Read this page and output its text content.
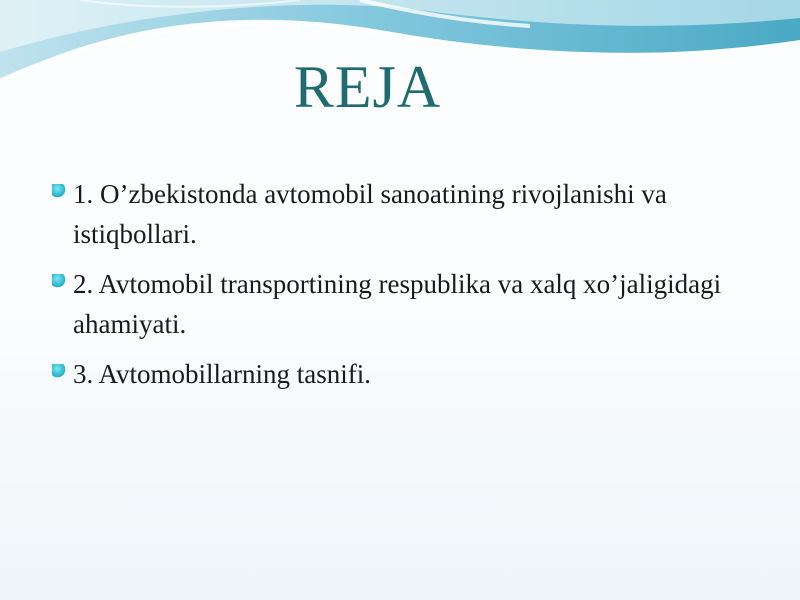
REJA
1. O’zbekistonda avtomobil sanoatining rivojlanishi va istiqbollari.
2. Avtomobil transportining respublika va xalq xo’jaligidagi ahamiyati.
3. Avtomobillarning tasnifi.
